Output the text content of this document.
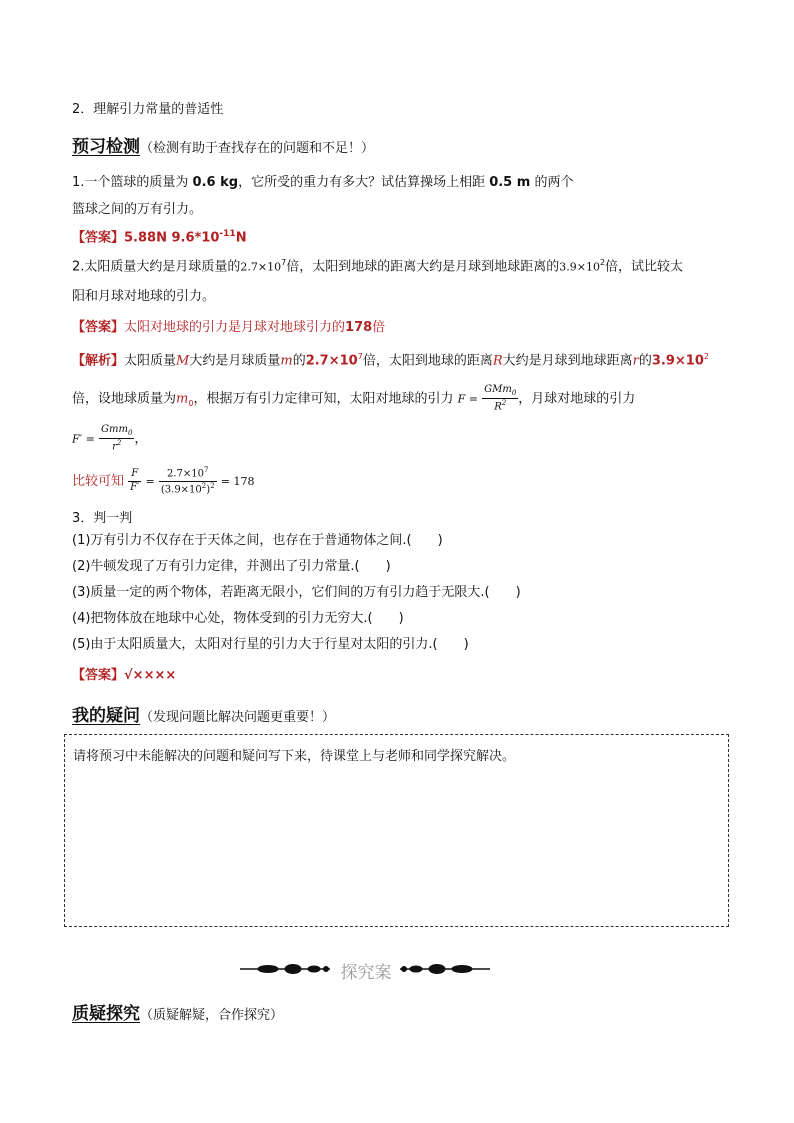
2．理解引力常量的普适性
预习检测（检测有助于查找存在的问题和不足！）
1.一个篮球的质量为 0.6 kg，它所受的重力有多大？试估算操场上相距 0.5 m 的两个
篮球之间的万有引力。
【答案】5.88N $9.6*10^{-11}N$
2.太阳质量大约是月球质量的$2.7\times 10^7$倍，太阳到地球的距离大约是月球到地球距离的$3.9\times 10^2$倍，试比较太
阳和月球对地球的引力。
【答案】太阳对地球的引力是月球对地球引力的178倍
【解析】太阳质量M大约是月球质量m的$2.7\times 10^7$倍，太阳到地球的距离R大约是月球到地球距离r的$3.9\times 10^2$
倍，设地球质量为$m_0$，根据万有引力定律可知，太阳对地球的引力 $F = \frac{GMm_0}{R^2}$ ，月球对地球的引力
$F' = \frac{Gmm_0}{r^2}$ ，
比较可知 $\frac{F}{F'} = \frac{2.7\times 10^7}{(3.9\times 10^2)^2} = 178$
3．判一判
(1)万有引力不仅存在于天体之间，也存在于普通物体之间.(　　)
(2)牛顿发现了万有引力定律，并测出了引力常量.(　　)
(3)质量一定的两个物体，若距离无限小，它们间的万有引力趋于无限大.(　　)
(4)把物体放在地球中心处，物体受到的引力无穷大.(　　)
(5)由于太阳质量大，太阳对行星的引力大于行星对太阳的引力.(　　)
【答案】√××××
我的疑问（发现问题比解决问题更重要！）
请将预习中未能解决的问题和疑问写下来，待课堂上与老师和同学探究解决。
探究案
质疑探究（质疑解疑，合作探究）
